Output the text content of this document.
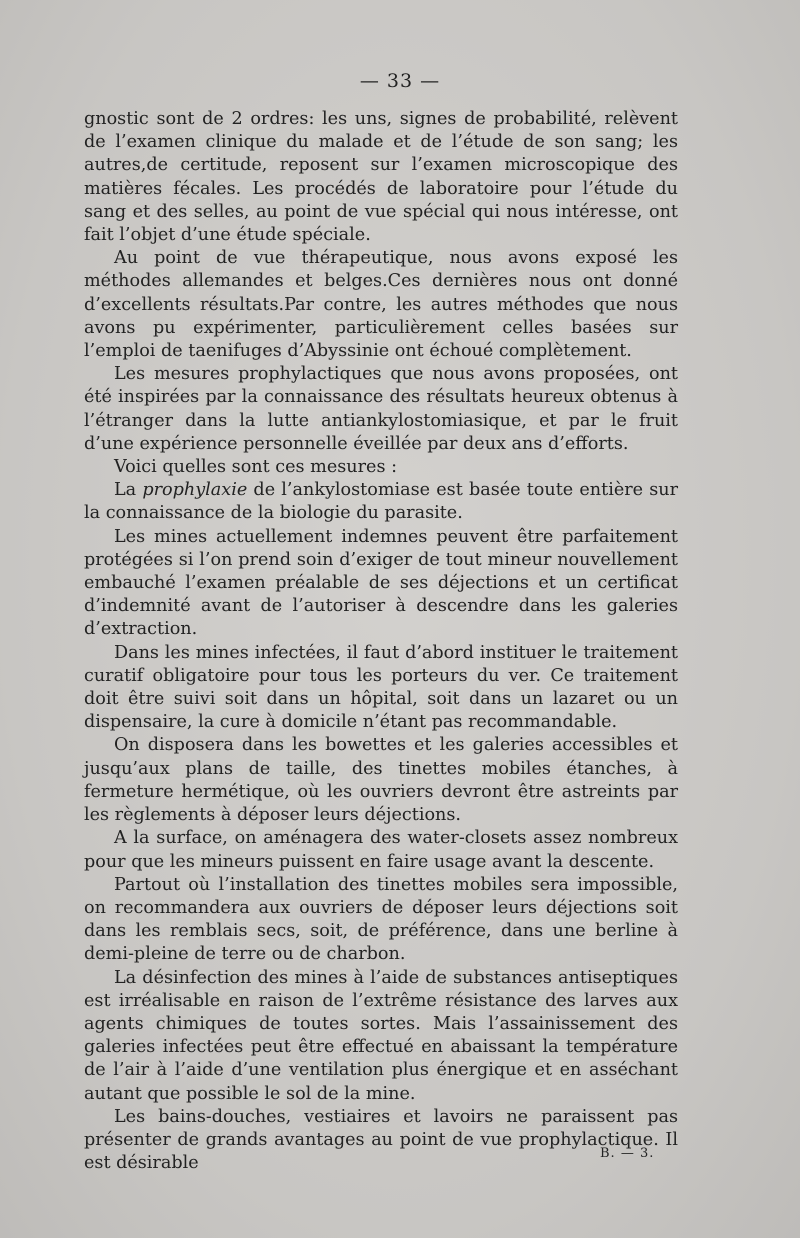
— 33 —

gnostic sont de 2 ordres: les uns, signes de probabilité, relèvent de l’examen clinique du malade et de l’étude de son sang; les autres,de certitude, reposent sur l’examen microscopique des matières fécales. Les procédés de laboratoire pour l’étude du sang et des selles, au point de vue spécial qui nous intéresse, ont fait l’objet d’une étude spéciale.

Au point de vue thérapeutique, nous avons exposé les méthodes allemandes et belges.Ces dernières nous ont donné d’excellents résultats.Par contre, les autres méthodes que nous avons pu expérimenter, particulièrement celles basées sur l’emploi de taenifuges d’Abyssinie ont échoué complètement.

Les mesures prophylactiques que nous avons proposées, ont été inspirées par la connaissance des résultats heureux obtenus à l’étranger dans la lutte antiankylostomiasique, et par le fruit d’une expérience personnelle éveillée par deux ans d’efforts.

Voici quelles sont ces mesures :

La prophylaxie de l’ankylostomiase est basée toute entière sur la connaissance de la biologie du parasite.

Les mines actuellement indemnes peuvent être parfaitement protégées si l’on prend soin d’exiger de tout mineur nouvellement embauché l’examen préalable de ses déjections et un certificat d’indemnité avant de l’autoriser à descendre dans les galeries d’extraction.

Dans les mines infectées, il faut d’abord instituer le traitement curatif obligatoire pour tous les porteurs du ver. Ce traitement doit être suivi soit dans un hôpital, soit dans un lazaret ou un dispensaire, la cure à domicile n’étant pas recommandable.

On disposera dans les bowettes et les galeries accessibles et jusqu’aux plans de taille, des tinettes mobiles étanches, à fermeture hermétique, où les ouvriers devront être astreints par les règlements à déposer leurs déjections.

A la surface, on aménagera des water-closets assez nombreux pour que les mineurs puissent en faire usage avant la descente.

Partout où l’installation des tinettes mobiles sera impossible, on recommandera aux ouvriers de déposer leurs déjections soit dans les remblais secs, soit, de préférence, dans une berline à demi-pleine de terre ou de charbon.

La désinfection des mines à l’aide de substances antiseptiques est irréalisable en raison de l’extrême résistance des larves aux agents chimiques de toutes sortes. Mais l’assainissement des galeries infectées peut être effectué en abaissant la température de l’air à l’aide d’une ventilation plus énergique et en asséchant autant que possible le sol de la mine.

Les bains-douches, vestiaires et lavoirs ne paraissent pas présenter de grands avantages au point de vue prophylactique. Il est désirable	B. — 3.
